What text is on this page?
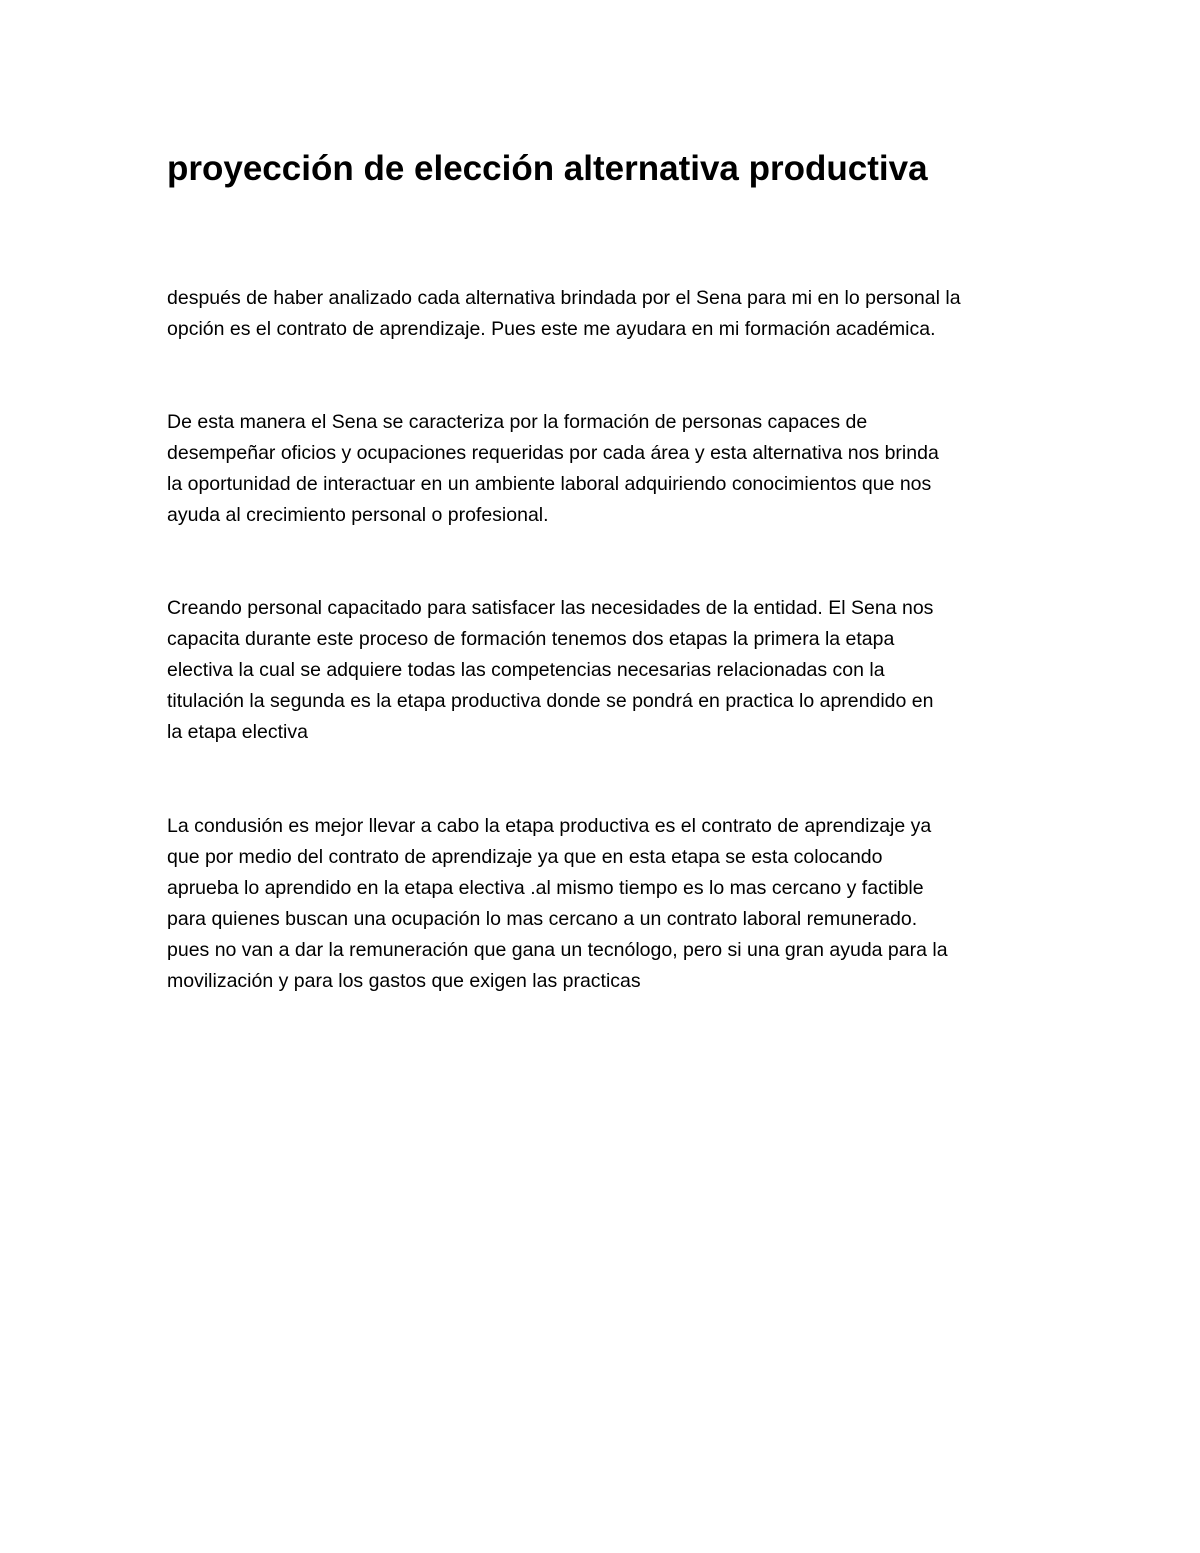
proyección de elección alternativa productiva

después de haber analizado cada alternativa brindada por el Sena para mi en lo personal la
opción es el contrato de aprendizaje. Pues este me ayudara en mi formación académica.

De esta manera el Sena se caracteriza por la formación de personas capaces de
desempeñar oficios y ocupaciones requeridas por cada área y esta alternativa nos brinda
la oportunidad de interactuar en un ambiente laboral adquiriendo conocimientos que nos
ayuda al crecimiento personal o profesional.

Creando personal capacitado para satisfacer las necesidades de la entidad. El Sena nos
capacita durante este proceso de formación tenemos dos etapas la primera la etapa
electiva la cual se adquiere todas las competencias necesarias relacionadas con la
titulación la segunda es la etapa productiva donde se pondrá en practica lo aprendido en
la etapa electiva

La condusión es mejor llevar a cabo la etapa productiva es el contrato de aprendizaje ya
que por medio del contrato de aprendizaje ya que en esta etapa se esta colocando
aprueba lo aprendido en la etapa electiva .al mismo tiempo es lo mas cercano y factible
para quienes buscan una ocupación lo mas cercano a un contrato laboral remunerado.
pues no van a dar la remuneración que gana un tecnólogo, pero si una gran ayuda para la
movilización y para los gastos que exigen las practicas
